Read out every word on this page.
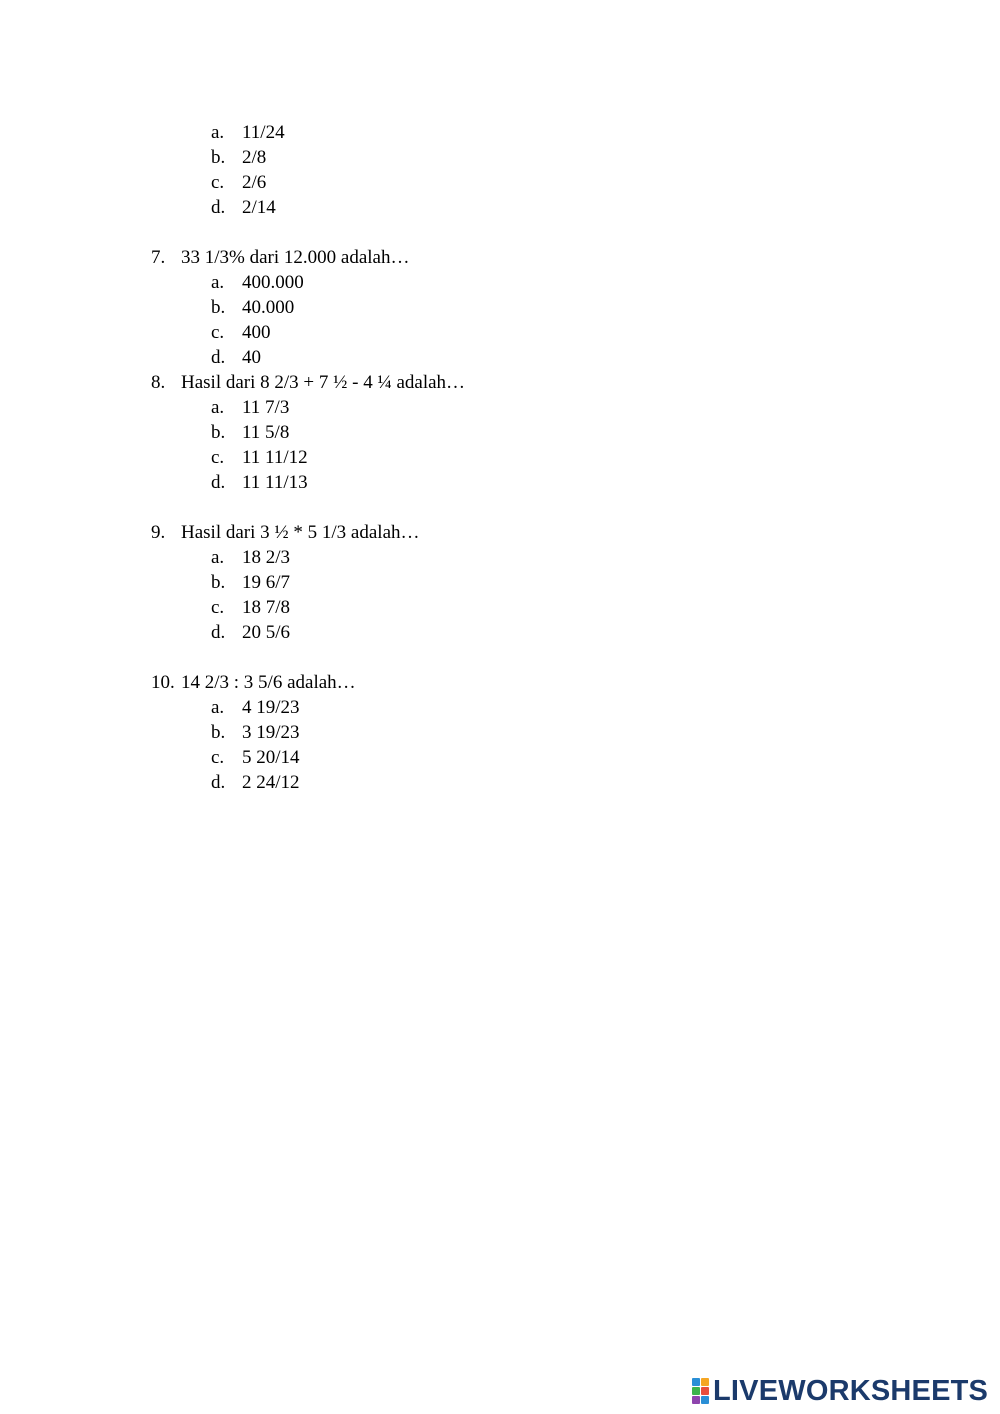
a. 11/24
b. 2/8
c. 2/6
d. 2/14
7. 33 1/3% dari 12.000 adalah…
a. 400.000
b. 40.000
c. 400
d. 40
8. Hasil dari 8 2/3 + 7 ½ - 4 ¼ adalah…
a. 11 7/3
b. 11 5/8
c. 11 11/12
d. 11 11/13
9. Hasil dari 3 ½ * 5 1/3 adalah…
a. 18 2/3
b. 19 6/7
c. 18 7/8
d. 20 5/6
10. 14 2/3 : 3 5/6 adalah…
a. 4 19/23
b. 3 19/23
c. 5 20/14
d. 2 24/12
LIVEWORKSHEETS
